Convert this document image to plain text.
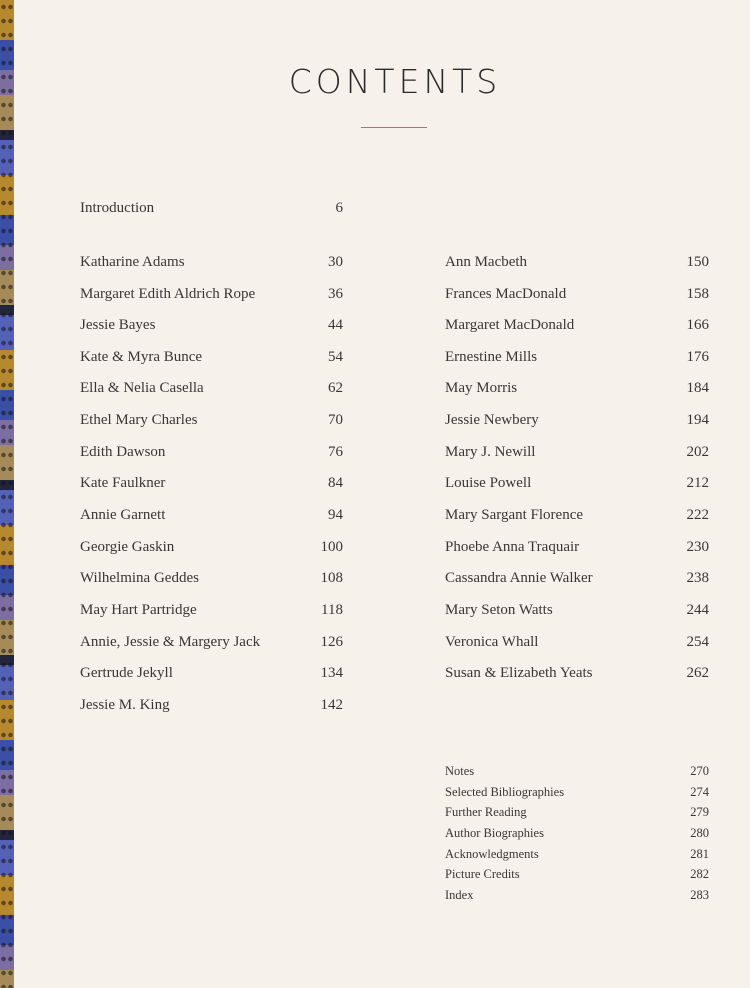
CONTENTS
Introduction	6
Katharine Adams	30
Margaret Edith Aldrich Rope	36
Jessie Bayes	44
Kate & Myra Bunce	54
Ella & Nelia Casella	62
Ethel Mary Charles	70
Edith Dawson	76
Kate Faulkner	84
Annie Garnett	94
Georgie Gaskin	100
Wilhelmina Geddes	108
May Hart Partridge	118
Annie, Jessie & Margery Jack	126
Gertrude Jekyll	134
Jessie M. King	142
Ann Macbeth	150
Frances MacDonald	158
Margaret MacDonald	166
Ernestine Mills	176
May Morris	184
Jessie Newbery	194
Mary J. Newill	202
Louise Powell	212
Mary Sargant Florence	222
Phoebe Anna Traquair	230
Cassandra Annie Walker	238
Mary Seton Watts	244
Veronica Whall	254
Susan & Elizabeth Yeats	262
Notes	270
Selected Bibliographies	274
Further Reading	279
Author Biographies	280
Acknowledgments	281
Picture Credits	282
Index	283
